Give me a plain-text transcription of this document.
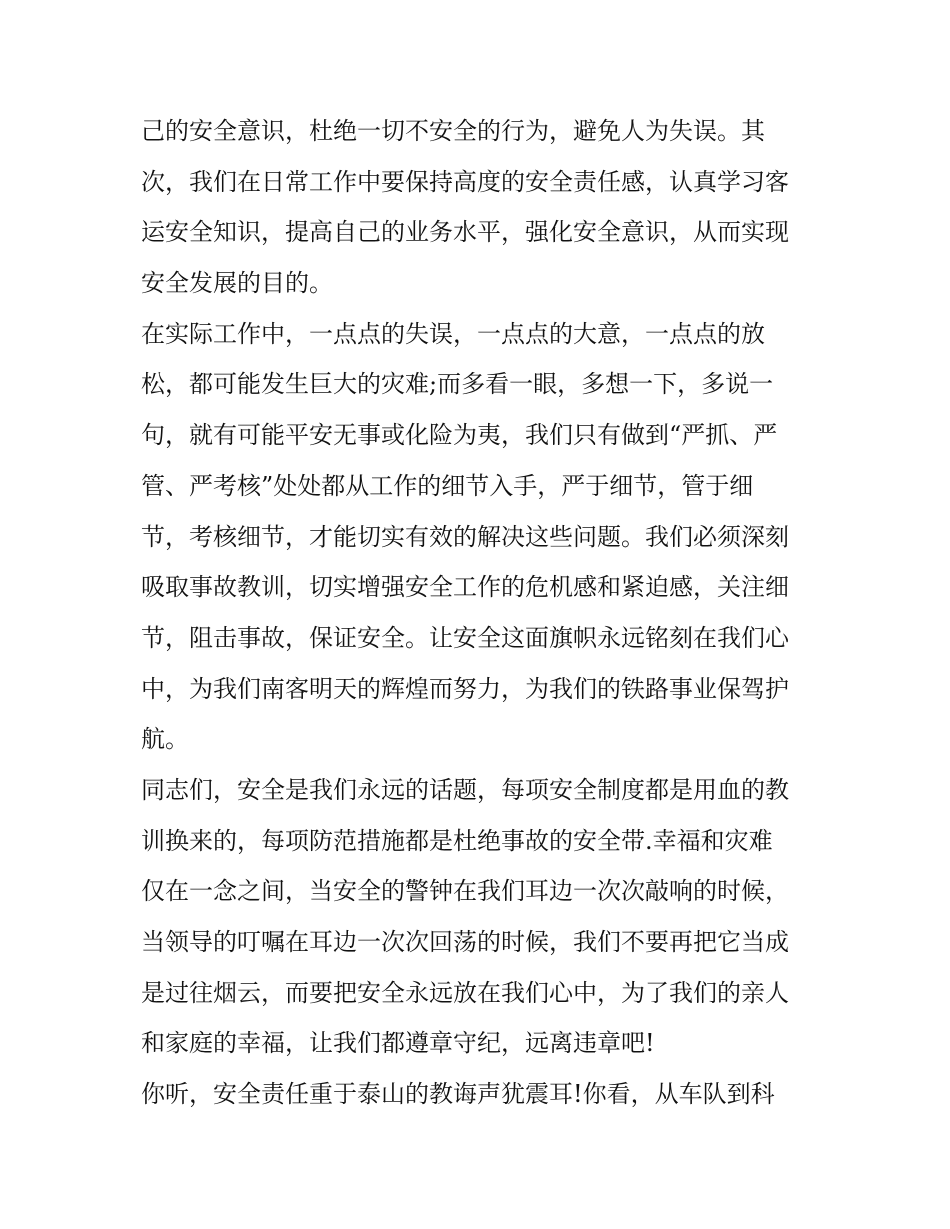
己的安全意识，杜绝一切不安全的行为，避免人为失误。其
次，我们在日常工作中要保持高度的安全责任感，认真学习客
运安全知识，提高自己的业务水平，强化安全意识，从而实现
安全发展的目的。
在实际工作中，一点点的失误，一点点的大意，一点点的放
松，都可能发生巨大的灾难;而多看一眼，多想一下，多说一
句，就有可能平安无事或化险为夷，我们只有做到“严抓、严
管、严考核”处处都从工作的细节入手，严于细节，管于细
节，考核细节，才能切实有效的解决这些问题。我们必须深刻
吸取事故教训，切实增强安全工作的危机感和紧迫感，关注细
节，阻击事故，保证安全。让安全这面旗帜永远铭刻在我们心
中，为我们南客明天的辉煌而努力，为我们的铁路事业保驾护
航。
同志们，安全是我们永远的话题，每项安全制度都是用血的教
训换来的，每项防范措施都是杜绝事故的安全带.幸福和灾难
仅在一念之间，当安全的警钟在我们耳边一次次敲响的时候，
当领导的叮嘱在耳边一次次回荡的时候，我们不要再把它当成
是过往烟云，而要把安全永远放在我们心中，为了我们的亲人
和家庭的幸福，让我们都遵章守纪，远离违章吧!
你听，安全责任重于泰山的教诲声犹震耳!你看，从车队到科
